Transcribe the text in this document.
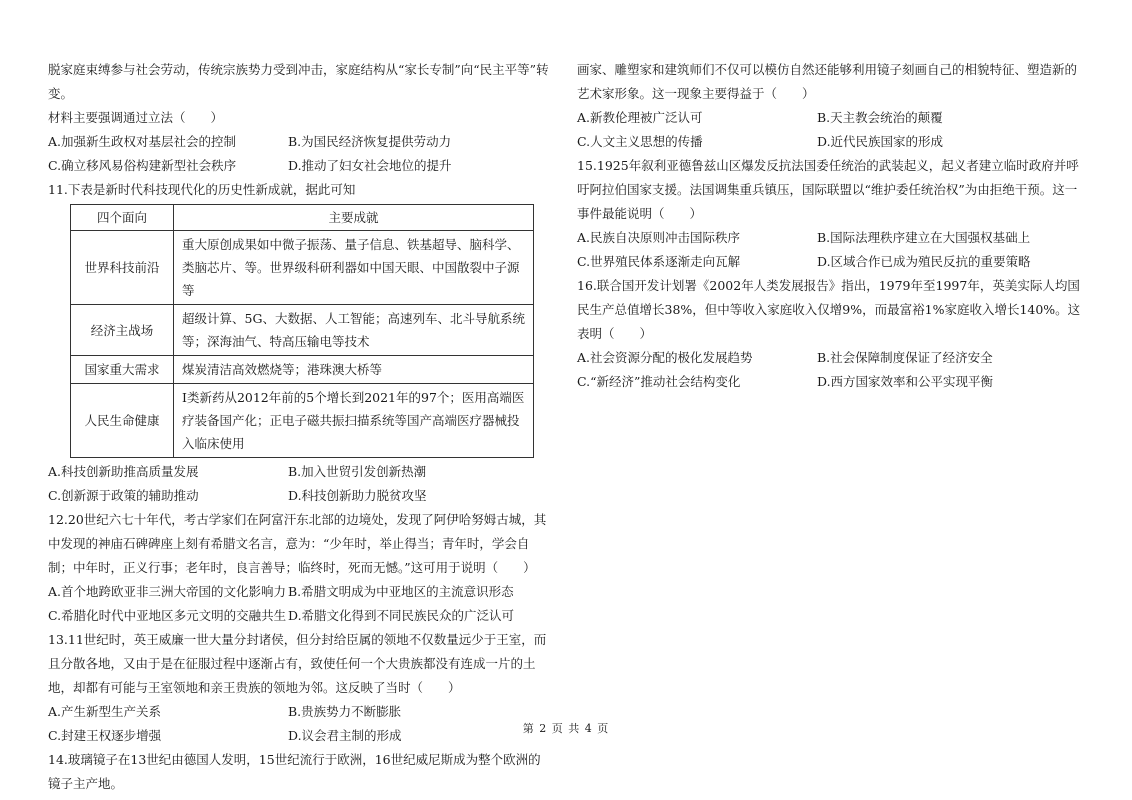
脱家庭束缚参与社会劳动，传统宗族势力受到冲击，家庭结构从“家长专制”向“民主平等”转变。

材料主要强调通过立法（　　）

A.加强新生政权对基层社会的控制	B.为国民经济恢复提供劳动力
C.确立移风易俗构建新型社会秩序	D.推动了妇女社会地位的提升

11.下表是新时代科技现代化的历史性新成就，据此可知

四个面向	主要成就
世界科技前沿	重大原创成果如中微子振荡、量子信息、铁基超导、脑科学、类脑芯片、等。世界级科研利器如中国天眼、中国散裂中子源等
经济主战场	超级计算、5G、大数据、人工智能；高速列车、北斗导航系统等；深海油气、特高压输电等技术
国家重大需求	煤炭清洁高效燃烧等；港珠澳大桥等
人民生命健康	I类新药从2012年前的5个增长到2021年的97个；医用高端医疗装备国产化；正电子磁共振扫描系统等国产高端医疗器械投入临床使用
A.科技创新助推高质量发展	B.加入世贸引发创新热潮
C.创新源于政策的辅助推动	D.科技创新助力脱贫攻坚

12.20世纪六七十年代，考古学家们在阿富汗东北部的边境处，发现了阿伊哈努姆古城，其中发现的神庙石碑碑座上刻有希腊文名言，意为：“少年时，举止得当；青年时，学会自制；中年时，正义行事；老年时，良言善导；临终时，死而无憾。”这可用于说明（　　）

A.首个地跨欧亚非三洲大帝国的文化影响力 B.希腊文明成为中亚地区的主流意识形态
C.希腊化时代中亚地区多元文明的交融共生 D.希腊文化得到不同民族民众的广泛认可

13.11世纪时，英王威廉一世大量分封诸侯，但分封给臣属的领地不仅数量远少于王室，而且分散各地，又由于是在征服过程中逐渐占有，致使任何一个大贵族都没有连成一片的土地，却都有可能与王室领地和亲王贵族的领地为邻。这反映了当时（　　）

A.产生新型生产关系	B.贵族势力不断膨胀
C.封建王权逐步增强	D.议会君主制的形成

14.玻璃镜子在13世纪由德国人发明，15世纪流行于欧洲，16世纪威尼斯成为整个欧洲的镜子主产地。

画家、雕塑家和建筑师们不仅可以模仿自然还能够利用镜子刻画自己的相貌特征、塑造新的艺术家形象。这一现象主要得益于（　　）

A.新教伦理被广泛认可	B.天主教会统治的颠覆
C.人文主义思想的传播	D.近代民族国家的形成

15.1925年叙利亚德鲁兹山区爆发反抗法国委任统治的武装起义，起义者建立临时政府并呼吁阿拉伯国家支援。法国调集重兵镇压，国际联盟以“维护委任统治权”为由拒绝干预。这一事件最能说明（　　）

A.民族自决原则冲击国际秩序	B.国际法理秩序建立在大国强权基础上
C.世界殖民体系逐渐走向瓦解	D.区域合作已成为殖民反抗的重要策略

16.联合国开发计划署《2002年人类发展报告》指出，1979年至1997年，英美实际人均国民生产总值增长38%，但中等收入家庭收入仅增9%，而最富裕1%家庭收入增长140%。这表明（　　）

A.社会资源分配的极化发展趋势	B.社会保障制度保证了经济安全
C.“新经济”推动社会结构变化	D.西方国家效率和公平实现平衡
第 2 页 共 4 页
